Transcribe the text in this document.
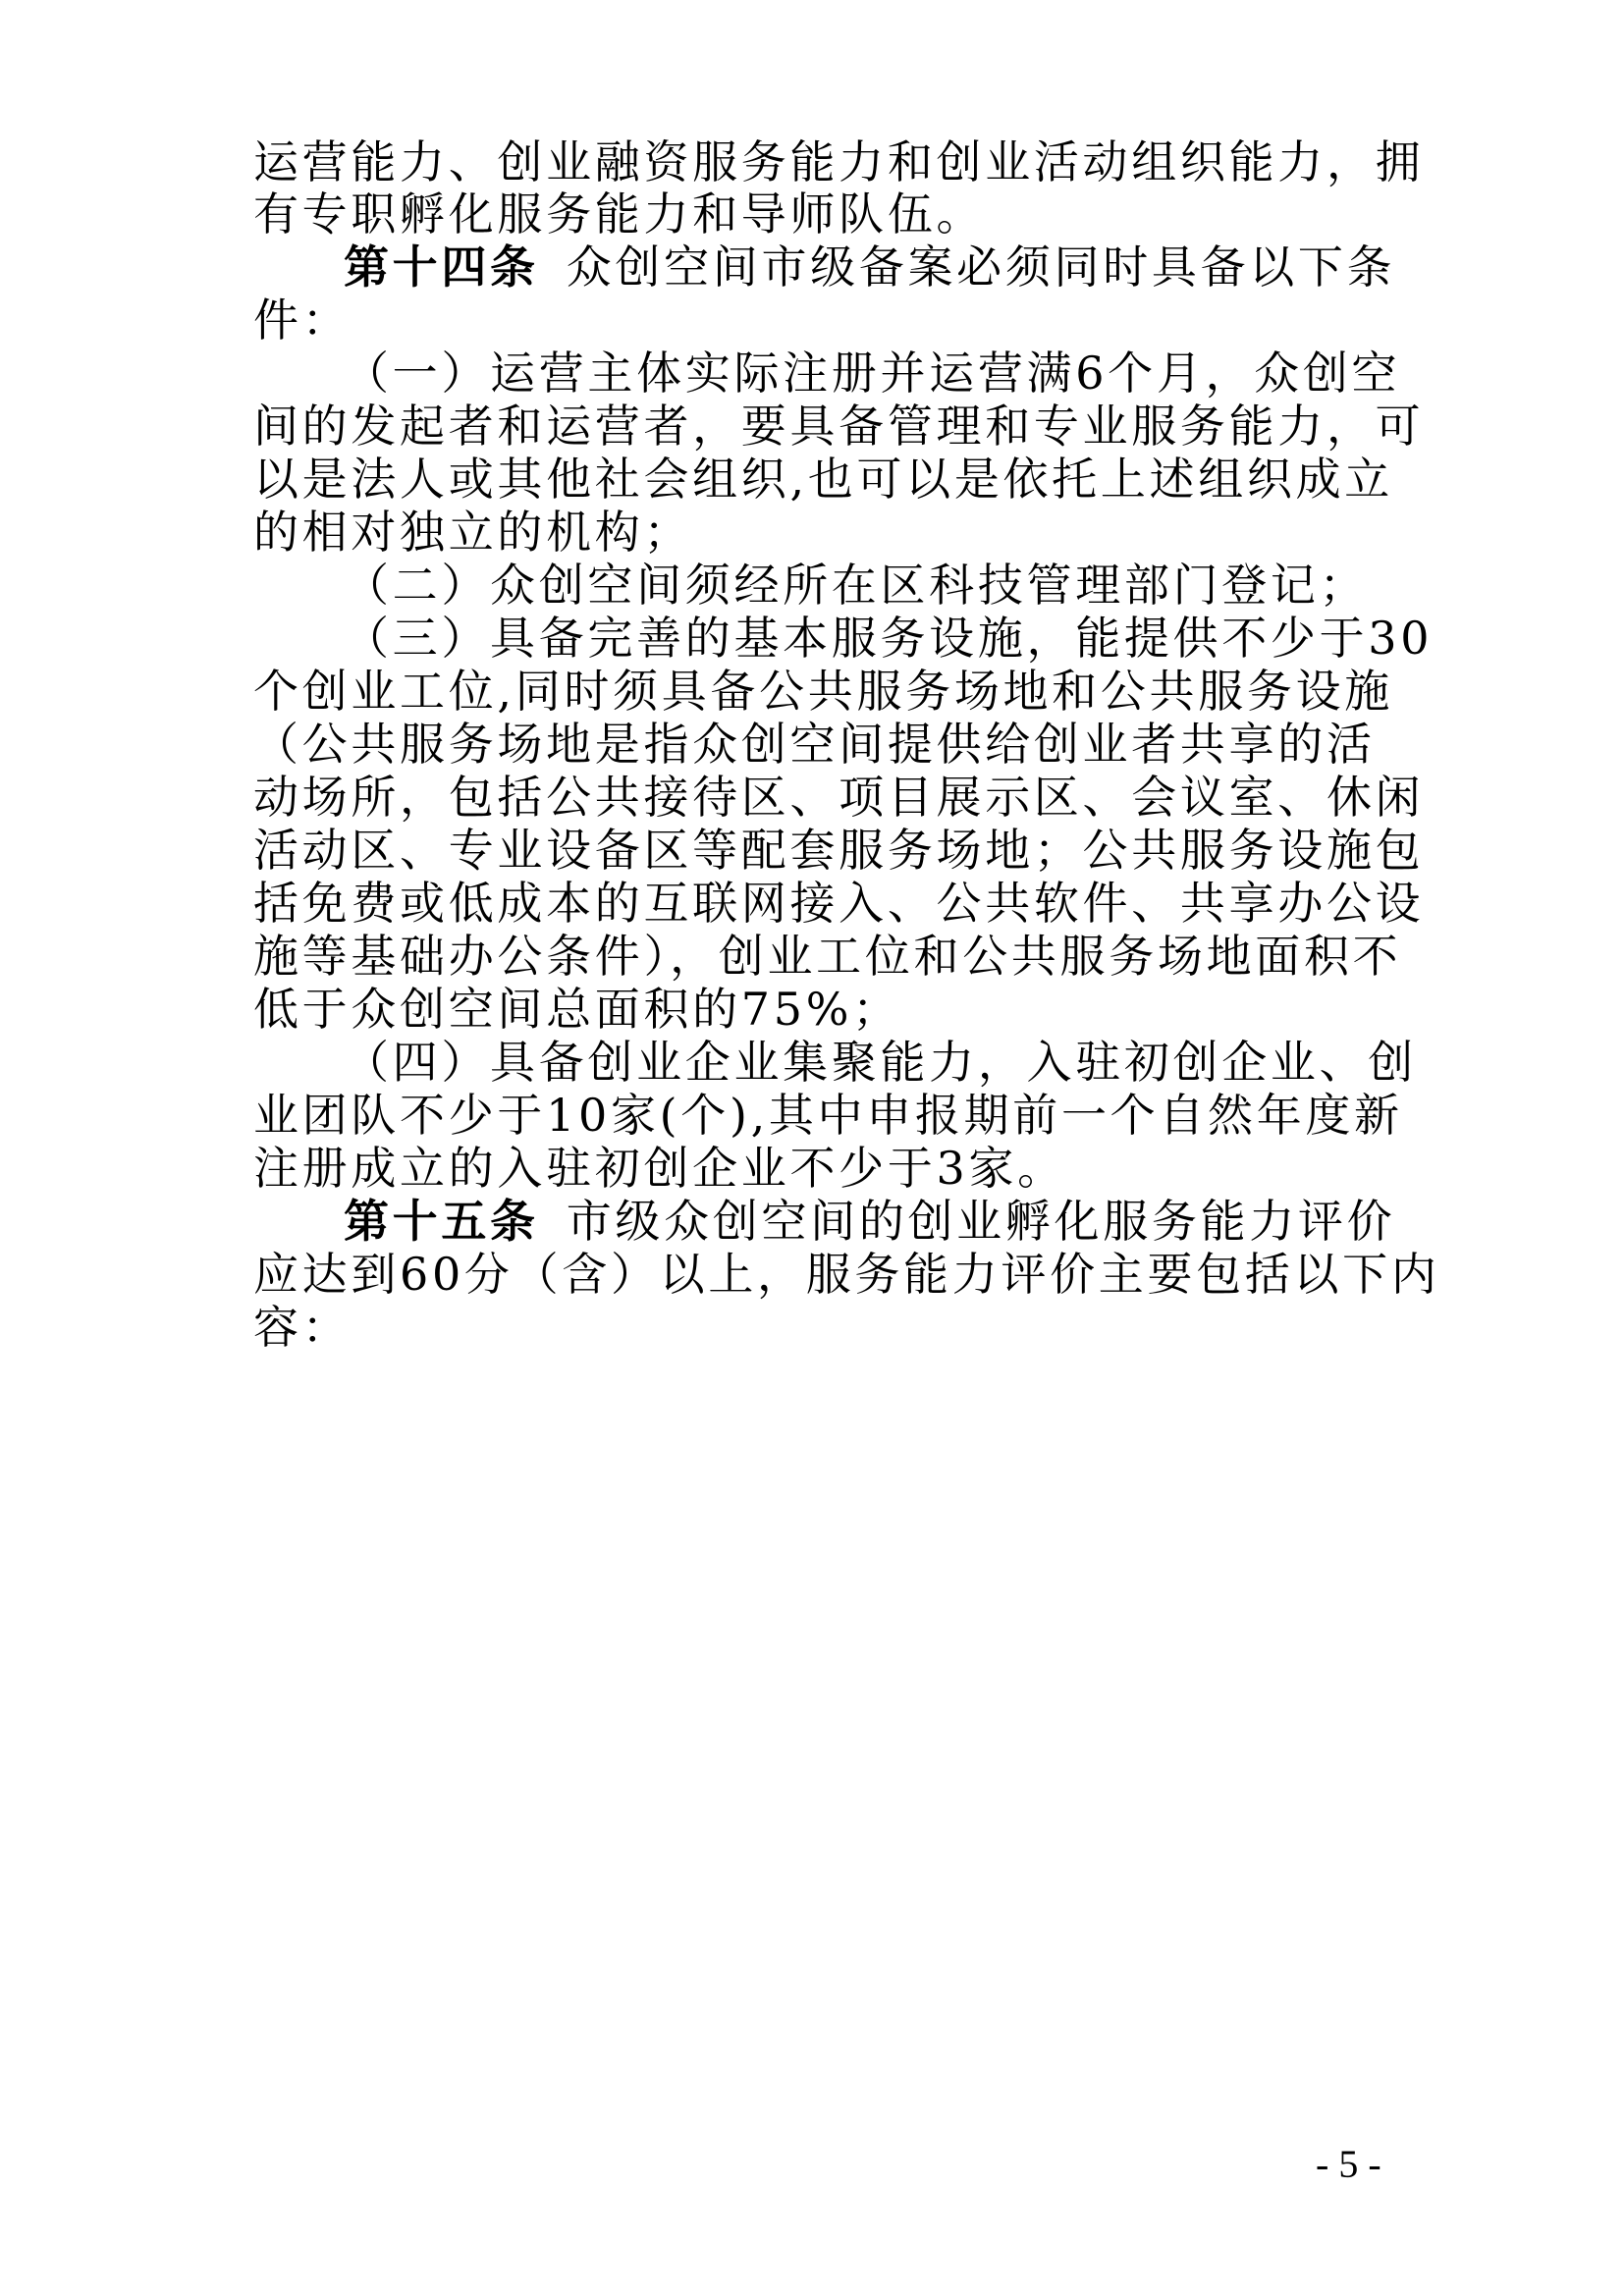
运营能力、创业融资服务能力和创业活动组织能力，拥
有专职孵化服务能力和导师队伍。
第十四条 众创空间市级备案必须同时具备以下条
件：
（一）运营主体实际注册并运营满6个月，众创空
间的发起者和运营者，要具备管理和专业服务能力，可
以是法人或其他社会组织,也可以是依托上述组织成立
的相对独立的机构；
（二）众创空间须经所在区科技管理部门登记；
（三）具备完善的基本服务设施，能提供不少于30
个创业工位,同时须具备公共服务场地和公共服务设施
（公共服务场地是指众创空间提供给创业者共享的活
动场所，包括公共接待区、项目展示区、会议室、休闲
活动区、专业设备区等配套服务场地；公共服务设施包
括免费或低成本的互联网接入、公共软件、共享办公设
施等基础办公条件），创业工位和公共服务场地面积不
低于众创空间总面积的75%；
（四）具备创业企业集聚能力，入驻初创企业、创
业团队不少于10家(个),其中申报期前一个自然年度新
注册成立的入驻初创企业不少于3家。
第十五条 市级众创空间的创业孵化服务能力评价
应达到60分（含）以上，服务能力评价主要包括以下内
容：
- 5 -
